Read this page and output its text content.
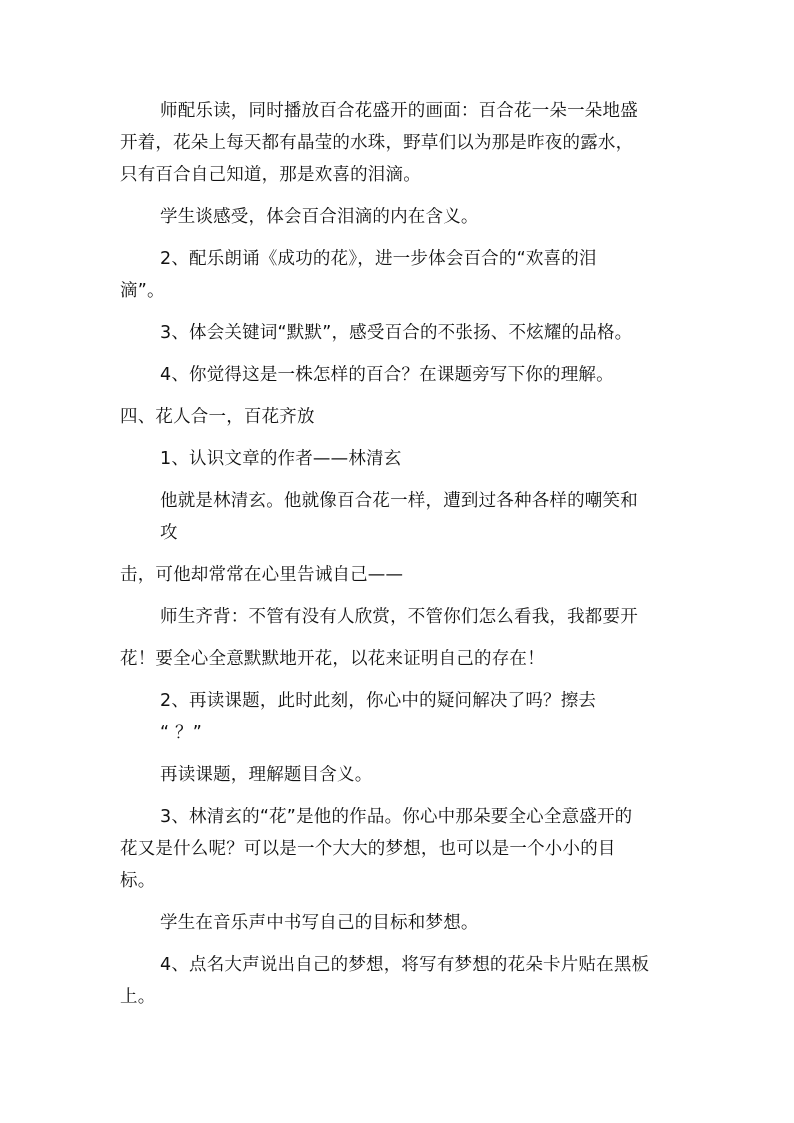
师配乐读，同时播放百合花盛开的画面：百合花一朵一朵地盛
开着，花朵上每天都有晶莹的水珠，野草们以为那是昨夜的露水，
只有百合自己知道，那是欢喜的泪滴。
学生谈感受，体会百合泪滴的内在含义。
2、配乐朗诵《成功的花》，进一步体会百合的“欢喜的泪
滴”。
3、体会关键词“默默”，感受百合的不张扬、不炫耀的品格。
4、你觉得这是一株怎样的百合？在课题旁写下你的理解。
四、花人合一，百花齐放
1、认识文章的作者——林清玄
他就是林清玄。他就像百合花一样，遭到过各种各样的嘲笑和
攻
击，可他却常常在心里告诫自己——
师生齐背：不管有没有人欣赏，不管你们怎么看我，我都要开
花！要全心全意默默地开花，以花来证明自己的存在！
2、再读课题，此时此刻，你心中的疑问解决了吗？擦去
“ ？”
再读课题，理解题目含义。
3、林清玄的“花”是他的作品。你心中那朵要全心全意盛开的
花又是什么呢？可以是一个大大的梦想，也可以是一个小小的目
标。
学生在音乐声中书写自己的目标和梦想。
4、点名大声说出自己的梦想，将写有梦想的花朵卡片贴在黑板
上。
